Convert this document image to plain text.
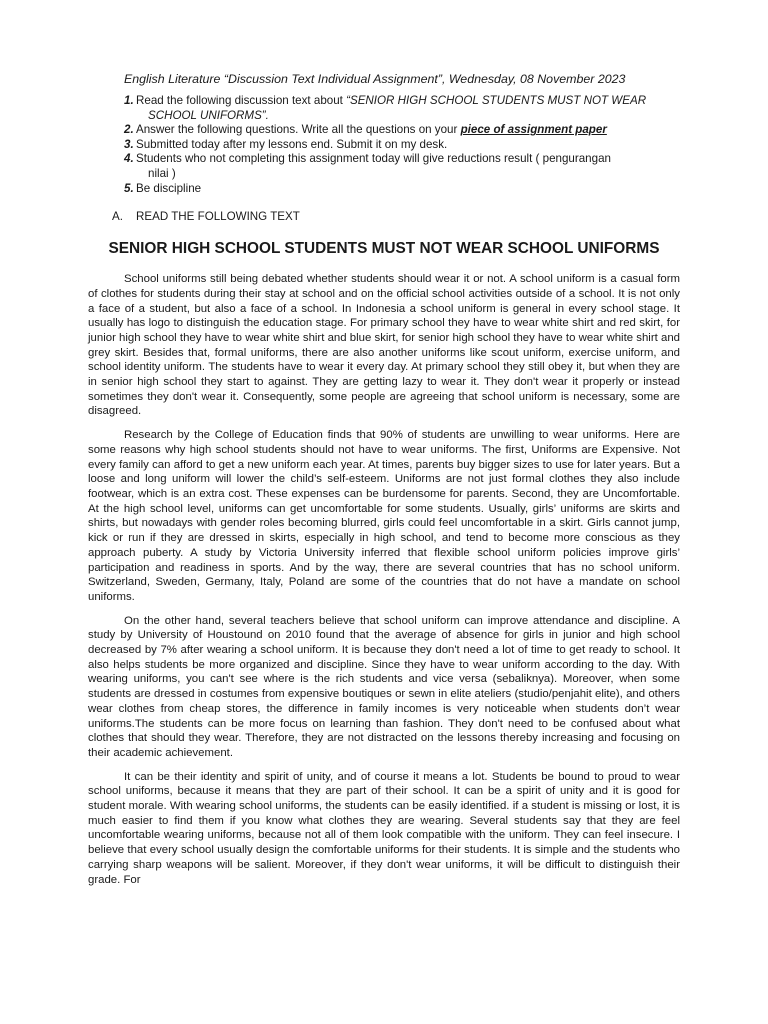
English Literature “Discussion Text Individual Assignment”, Wednesday, 08 November 2023
1. Read the following discussion text about “SENIOR HIGH SCHOOL STUDENTS MUST NOT WEAR
SCHOOL UNIFORMS”.
2. Answer the following questions. Write all the questions on your piece of assignment paper
3. Submitted today after my lessons end. Submit it on my desk.
4. Students who not completing this assignment today will give reductions result ( pengurangan
nilai )
5. Be discipline
A.	READ THE FOLLOWING TEXT
SENIOR HIGH SCHOOL STUDENTS MUST NOT WEAR SCHOOL UNIFORMS

School uniforms still being debated whether students should wear it or not. A school uniform is a casual form of clothes for students during their stay at school and on the official school activities outside of a school. It is not only a face of a student, but also a face of a school. In Indonesia a school uniform is general in every school stage. It usually has logo to distinguish the education stage. For primary school they have to wear white shirt and red skirt, for junior high school they have to wear white shirt and blue skirt, for senior high school they have to wear white shirt and grey skirt. Besides that, formal uniforms, there are also another uniforms like scout uniform, exercise uniform, and school identity uniform. The students have to wear it every day. At primary school they still obey it, but when they are in senior high school they start to against. They are getting lazy to wear it. They don't wear it properly or instead sometimes they don't wear it. Consequently, some people are agreeing that school uniform is necessary, some are disagreed.

Research by the College of Education finds that 90% of students are unwilling to wear uniforms. Here are some reasons why high school students should not have to wear uniforms. The first, Uniforms are Expensive. Not every family can afford to get a new uniform each year. At times, parents buy bigger sizes to use for later years. But a loose and long uniform will lower the child’s self-esteem. Uniforms are not just formal clothes they also include footwear, which is an extra cost. These expenses can be burdensome for parents. Second, they are Uncomfortable. At the high school level, uniforms can get uncomfortable for some students. Usually, girls’ uniforms are skirts and shirts, but nowadays with gender roles becoming blurred, girls could feel uncomfortable in a skirt. Girls cannot jump, kick or run if they are dressed in skirts, especially in high school, and tend to become more conscious as they approach puberty. A study by Victoria University inferred that flexible school uniform policies improve girls’ participation and readiness in sports. And by the way, there are several countries that has no school uniform. Switzerland, Sweden, Germany, Italy, Poland are some of the countries that do not have a mandate on school uniforms.

On the other hand, several teachers believe that school uniform can improve attendance and discipline. A study by University of Houstound on 2010 found that the average of absence for girls in junior and high school decreased by 7% after wearing a school uniform. It is because they don't need a lot of time to get ready to school. It also helps students be more organized and discipline. Since they have to wear uniform according to the day. With wearing uniforms, you can't see where is the rich students and vice versa (sebaliknya). Moreover, when some students are dressed in costumes from expensive boutiques or sewn in elite ateliers (studio/penjahit elite), and others wear clothes from cheap stores, the difference in family incomes is very noticeable when students don’t wear uniforms.The students can be more focus on learning than fashion. They don't need to be confused about what clothes that should they wear. Therefore, they are not distracted on the lessons thereby increasing and focusing on their academic achievement.

It can be their identity and spirit of unity, and of course it means a lot. Students be bound to proud to wear school uniforms, because it means that they are part of their school. It can be a spirit of unity and it is good for student morale. With wearing school uniforms, the students can be easily identified. if a student is missing or lost, it is much easier to find them if you know what clothes they are wearing. Several students say that they are feel uncomfortable wearing uniforms, because not all of them look compatible with the uniform. They can feel insecure. I believe that every school usually design the comfortable uniforms for their students. It is simple and the students who carrying sharp weapons will be salient. Moreover, if they don't wear uniforms, it will be difficult to distinguish their grade. For
